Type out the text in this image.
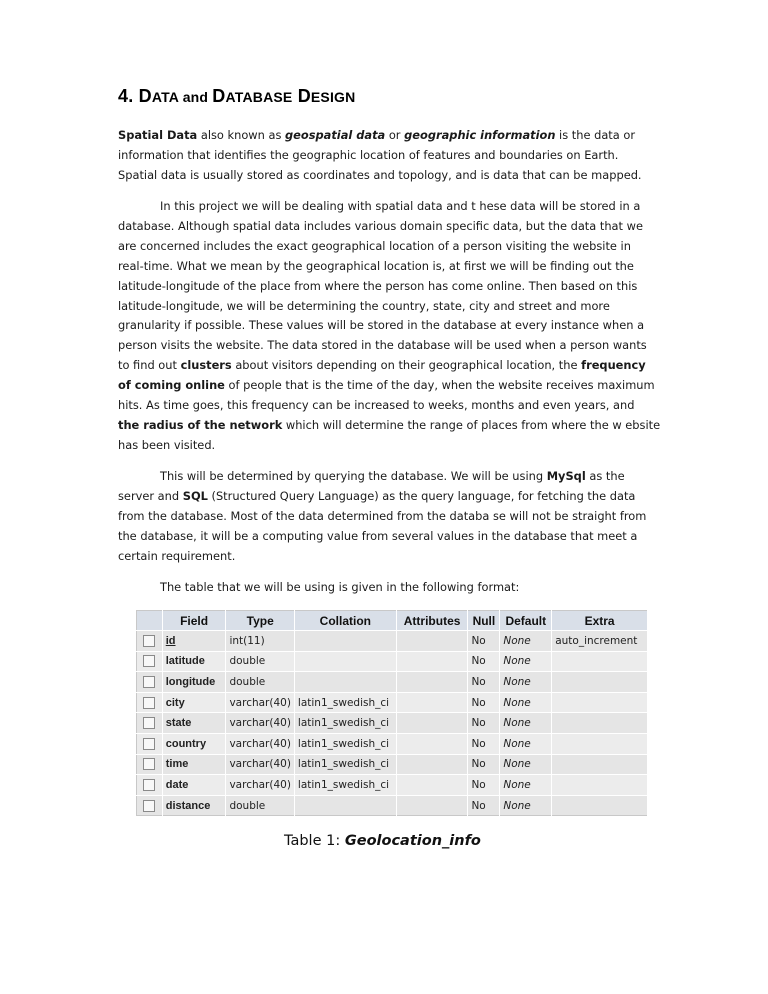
4. DATA and DATABASE DESIGN
Spatial Data also known as geospatial data or geographic information is the data or
information that identifies the geographic location of features and boundaries on Earth.
Spatial data is usually stored as coordinates and topology, and is data that can be mapped.
In this project we will be dealing with spatial data and t hese data will be stored in a
database. Although spatial data includes various domain specific data, but the data that we
are concerned includes the exact geographical location of a person visiting the website in
real-time. What we mean by the geographical location is, at first we will be finding out the
latitude-longitude of the place from where the person has come online. Then based on this
latitude-longitude, we will be determining the country, state, city and street and more
granularity if possible. These values will be stored in the database at every instance when a
person visits the website. The data stored in the database will be used when a person wants
to find out clusters about visitors depending on their geographical location, the frequency
of coming online of people that is the time of the day, when the website receives maximum
hits. As time goes, this frequency can be increased to weeks, months and even years, and
the radius of the network which will determine the range of places from where the w ebsite
has been visited.
This will be determined by querying the database. We will be using MySql as the
server and SQL (Structured Query Language) as the query language, for fetching the data
from the database. Most of the data determined from the databa se will not be straight from
the database, it will be a computing value from several values in the database that meet a
certain requirement.
The table that we will be using is given in the following format:
	Field	Type	Collation	Attributes	Null	Default	Extra
	id	int(11)			No	None	auto_increment
	latitude	double			No	None	
	longitude	double			No	None	
	city	varchar(40)	latin1_swedish_ci		No	None	
	state	varchar(40)	latin1_swedish_ci		No	None	
	country	varchar(40)	latin1_swedish_ci		No	None	
	time	varchar(40)	latin1_swedish_ci		No	None	
	date	varchar(40)	latin1_swedish_ci		No	None	
	distance	double			No	None	
Table 1: Geolocation_info
